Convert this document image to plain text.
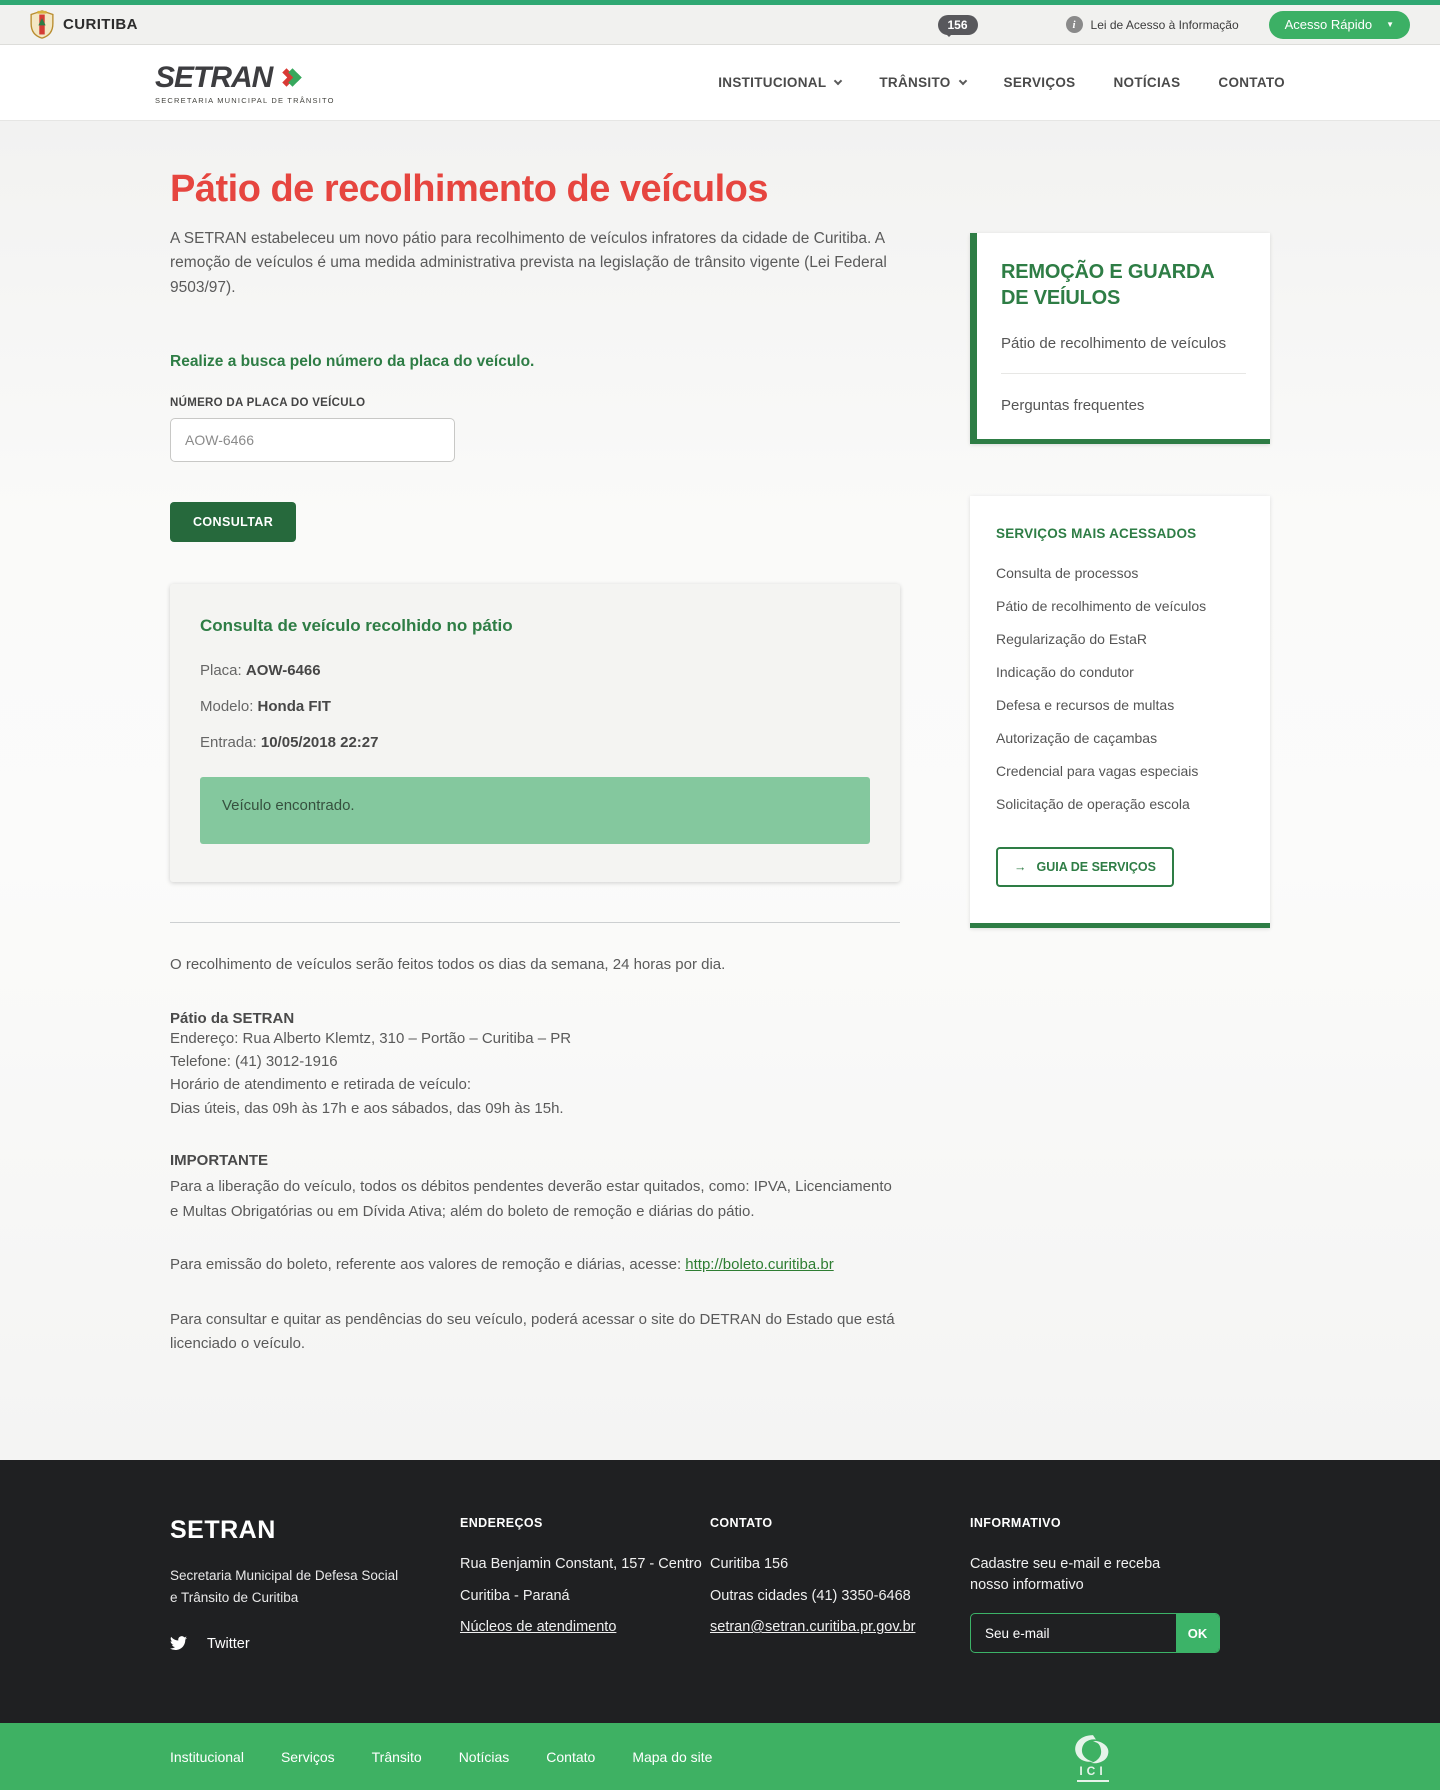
CURITIBA	156	i	Lei de Acesso à Informação	Acesso Rápido ▼
SETRAN
SECRETARIA MUNICIPAL DE TRÂNSITO
INSTITUCIONAL	TRÂNSITO	SERVIÇOS	NOTÍCIAS	CONTATO
Pátio de recolhimento de veículos

A SETRAN estabeleceu um novo pátio para recolhimento de veículos infratores da cidade de Curitiba. A remoção de veículos é uma medida administrativa prevista na legislação de trânsito vigente (Lei Federal 9503/97).

Realize a busca pelo número da placa do veículo.
NÚMERO DA PLACA DO VEÍCULO
AOW-6466 CONSULTAR
Consulta de veículo recolhido no pátio
Placa: AOW-6466
Modelo: Honda FIT
Entrada: 10/05/2018 22:27
Veículo encontrado.

O recolhimento de veículos serão feitos todos os dias da semana, 24 horas por dia.

Pátio da SETRAN
Endereço: Rua Alberto Klemtz, 310 – Portão – Curitiba – PR
Telefone: (41) 3012-1916
Horário de atendimento e retirada de veículo:
Dias úteis, das 09h às 17h e aos sábados, das 09h às 15h.
IMPORTANTE

Para a liberação do veículo, todos os débitos pendentes deverão estar quitados, como: IPVA, Licenciamento e Multas Obrigatórias ou em Dívida Ativa; além do boleto de remoção e diárias do pátio.

Para emissão do boleto, referente aos valores de remoção e diárias, acesse: http://boleto.curitiba.br

Para consultar e quitar as pendências do seu veículo, poderá acessar o site do DETRAN do Estado que está licenciado o veículo.

REMOÇÃO E GUARDA DE VEÍULOS
Pátio de recolhimento de veículos
Perguntas frequentes
SERVIÇOS MAIS ACESSADOS
Consulta de processos
Pátio de recolhimento de veículos
Regularização do EstaR
Indicação do condutor
Defesa e recursos de multas
Autorização de caçambas
Credencial para vagas especiais
Solicitação de operação escola
→ GUIA DE SERVIÇOS
SETRAN
Secretaria Municipal de Defesa Social
e Trânsito de Curitiba
Twitter
ENDEREÇOS
Rua Benjamin Constant, 157 - Centro
Curitiba - Paraná
Núcleos de atendimento
CONTATO
Curitiba 156
Outras cidades (41) 3350-6468
setran@setran.curitiba.pr.gov.br
INFORMATIVO
Cadastre seu e-mail e receba nosso informativo
Seu e-mail
OK
Institucional	Serviços	Trânsito	Notícias	Contato	Mapa do site
ICI
